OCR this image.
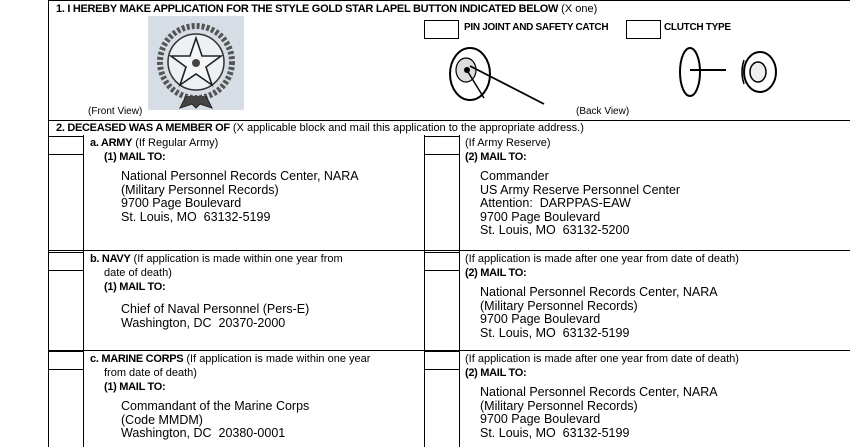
1. I HEREBY MAKE APPLICATION FOR THE STYLE GOLD STAR LAPEL BUTTON INDICATED BELOW (X one)
PIN JOINT AND SAFETY CATCH	CLUTCH TYPE
(Front View)	(Back View)
2. DECEASED WAS A MEMBER OF (X applicable block and mail this application to the appropriate address.)
a. ARMY (If Regular Army)
(1) MAIL TO:
National Personnel Records Center, NARA
(Military Personnel Records)
9700 Page Boulevard
St. Louis, MO  63132-5199
(If Army Reserve)
(2) MAIL TO:
Commander
US Army Reserve Personnel Center
Attention:  DARPPAS-EAW
9700 Page Boulevard
St. Louis, MO  63132-5200
b. NAVY (If application is made within one year from
date of death)
(1) MAIL TO:
Chief of Naval Personnel (Pers-E)
Washington, DC  20370-2000
(If application is made after one year from date of death)
(2) MAIL TO:
National Personnel Records Center, NARA
(Military Personnel Records)
9700 Page Boulevard
St. Louis, MO  63132-5199
c. MARINE CORPS (If application is made within one year
from date of death)
(1) MAIL TO:
Commandant of the Marine Corps
(Code MMDM)
Washington, DC  20380-0001
(If application is made after one year from date of death)
(2) MAIL TO:
National Personnel Records Center, NARA
(Military Personnel Records)
9700 Page Boulevard
St. Louis, MO  63132-5199
